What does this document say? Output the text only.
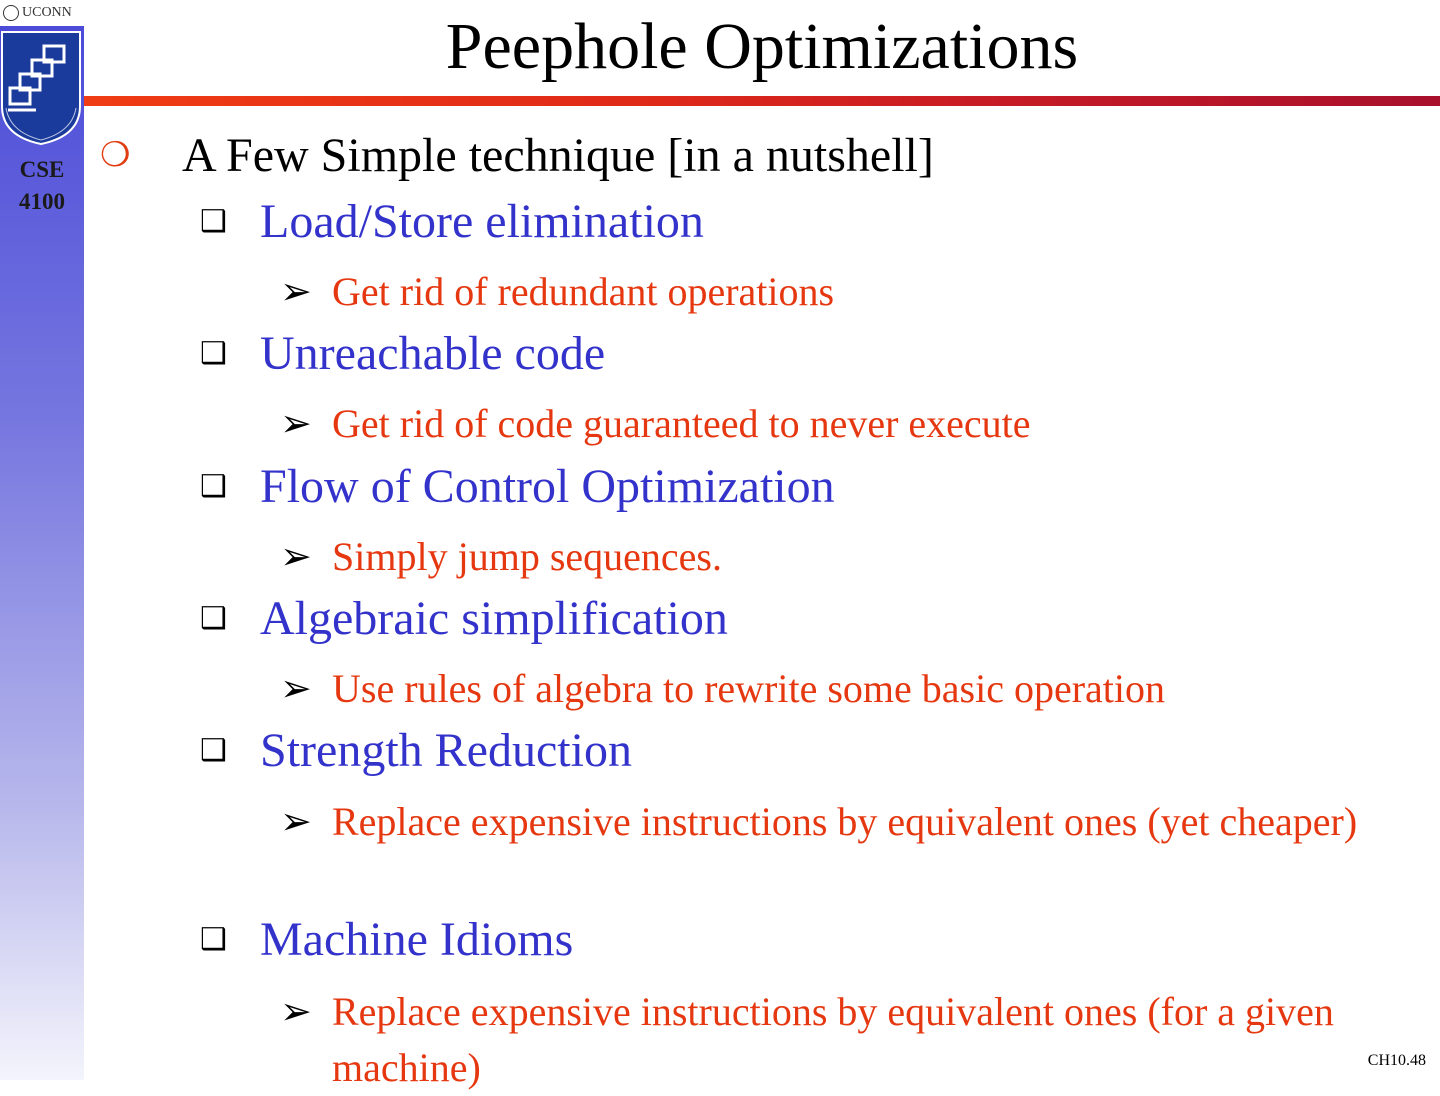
UCONN
CSE
4100
Peephole Optimizations
❍ A Few Simple technique [in a nutshell]
❑ Load/Store elimination
➢ Get rid of redundant operations
❑ Unreachable code
➢ Get rid of code guaranteed to never execute
❑ Flow of Control Optimization
➢ Simply jump sequences.
❑ Algebraic simplification
➢ Use rules of algebra to rewrite some basic operation
❑ Strength Reduction
➢ Replace expensive instructions by equivalent ones (yet cheaper)
❑ Machine Idioms
➢ Replace expensive instructions by equivalent ones (for a given machine)	CH10.48
